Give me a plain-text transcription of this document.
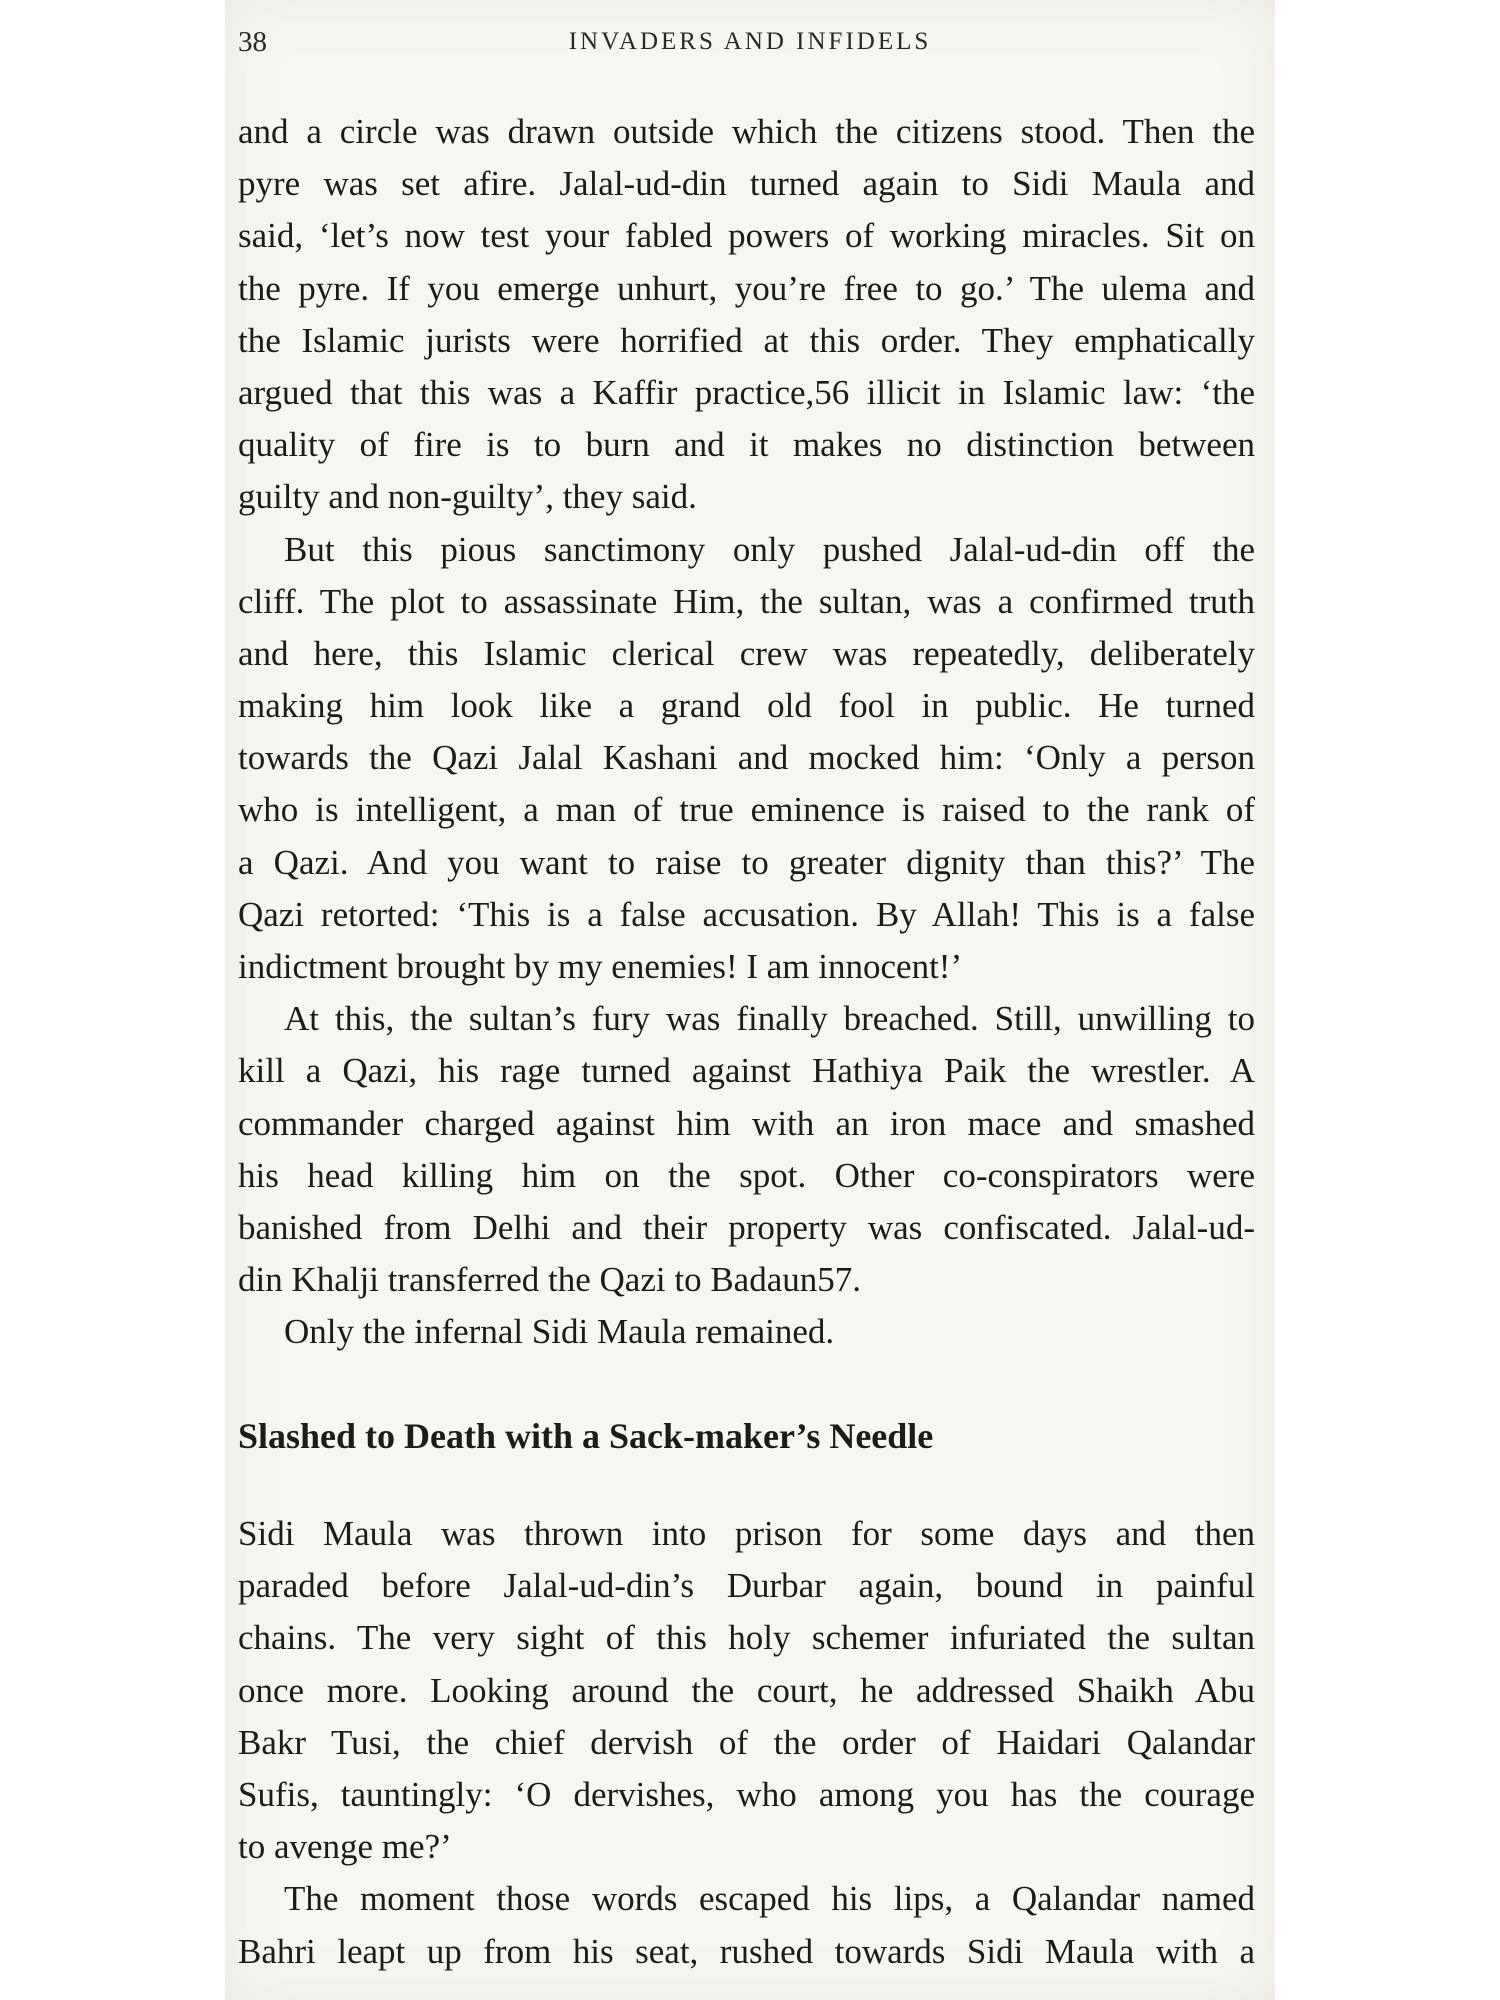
38	INVADERS AND INFIDELS

and a circle was drawn outside which the citizens stood. Then the

pyre was set afire. Jalal-ud-din turned again to Sidi Maula and

said, ‘let’s now test your fabled powers of working miracles. Sit on

the pyre. If you emerge unhurt, you’re free to go.’ The ulema and

the Islamic jurists were horrified at this order. They emphatically

argued that this was a Kaffir practice,56 illicit in Islamic law: ‘the

quality of fire is to burn and it makes no distinction between

guilty and non-guilty’, they said.

But this pious sanctimony only pushed Jalal-ud-din off the

cliff. The plot to assassinate Him, the sultan, was a confirmed truth

and here, this Islamic clerical crew was repeatedly, deliberately

making him look like a grand old fool in public. He turned

towards the Qazi Jalal Kashani and mocked him: ‘Only a person

who is intelligent, a man of true eminence is raised to the rank of

a Qazi. And you want to raise to greater dignity than this?’ The

Qazi retorted: ‘This is a false accusation. By Allah! This is a false

indictment brought by my enemies! I am innocent!’

At this, the sultan’s fury was finally breached. Still, unwilling to

kill a Qazi, his rage turned against Hathiya Paik the wrestler. A

commander charged against him with an iron mace and smashed

his head killing him on the spot. Other co-conspirators were

banished from Delhi and their property was confiscated. Jalal-ud-

din Khalji transferred the Qazi to Badaun57.

Only the infernal Sidi Maula remained.

Slashed to Death with a Sack-maker’s Needle

Sidi Maula was thrown into prison for some days and then

paraded before Jalal-ud-din’s Durbar again, bound in painful

chains. The very sight of this holy schemer infuriated the sultan

once more. Looking around the court, he addressed Shaikh Abu

Bakr Tusi, the chief dervish of the order of Haidari Qalandar

Sufis, tauntingly: ‘O dervishes, who among you has the courage

to avenge me?’

The moment those words escaped his lips, a Qalandar named

Bahri leapt up from his seat, rushed towards Sidi Maula with a
